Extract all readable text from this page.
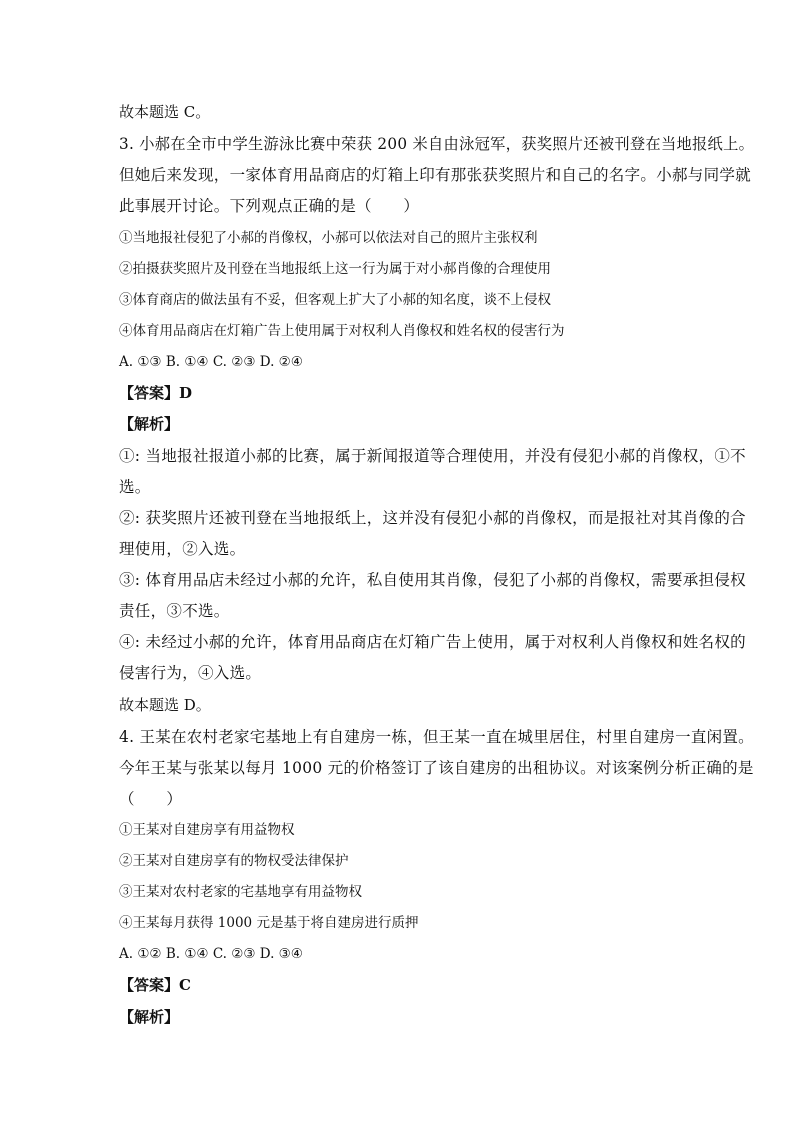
故本题选 C。
3. 小郝在全市中学生游泳比赛中荣获 200 米自由泳冠军，获奖照片还被刊登在当地报纸上。
但她后来发现，一家体育用品商店的灯箱上印有那张获奖照片和自己的名字。小郝与同学就
此事展开讨论。下列观点正确的是（　　）
①当地报社侵犯了小郝的肖像权，小郝可以依法对自己的照片主张权利
②拍摄获奖照片及刊登在当地报纸上这一行为属于对小郝肖像的合理使用
③体育商店的做法虽有不妥，但客观上扩大了小郝的知名度，谈不上侵权
④体育用品商店在灯箱广告上使用属于对权利人肖像权和姓名权的侵害行为
A. ①③ B. ①④ C. ②③ D. ②④
【答案】D
【解析】
①: 当地报社报道小郝的比赛，属于新闻报道等合理使用，并没有侵犯小郝的肖像权，①不
选。
②: 获奖照片还被刊登在当地报纸上，这并没有侵犯小郝的肖像权，而是报社对其肖像的合
理使用，②入选。
③: 体育用品店未经过小郝的允许，私自使用其肖像，侵犯了小郝的肖像权，需要承担侵权
责任，③不选。
④: 未经过小郝的允许，体育用品商店在灯箱广告上使用，属于对权利人肖像权和姓名权的
侵害行为，④入选。
故本题选 D。
4. 王某在农村老家宅基地上有自建房一栋，但王某一直在城里居住，村里自建房一直闲置。
今年王某与张某以每月 1000 元的价格签订了该自建房的出租协议。对该案例分析正确的是
（　　）
①王某对自建房享有用益物权
②王某对自建房享有的物权受法律保护
③王某对农村老家的宅基地享有用益物权
④王某每月获得 1000 元是基于将自建房进行质押
A. ①② B. ①④ C. ②③ D. ③④
【答案】C
【解析】
